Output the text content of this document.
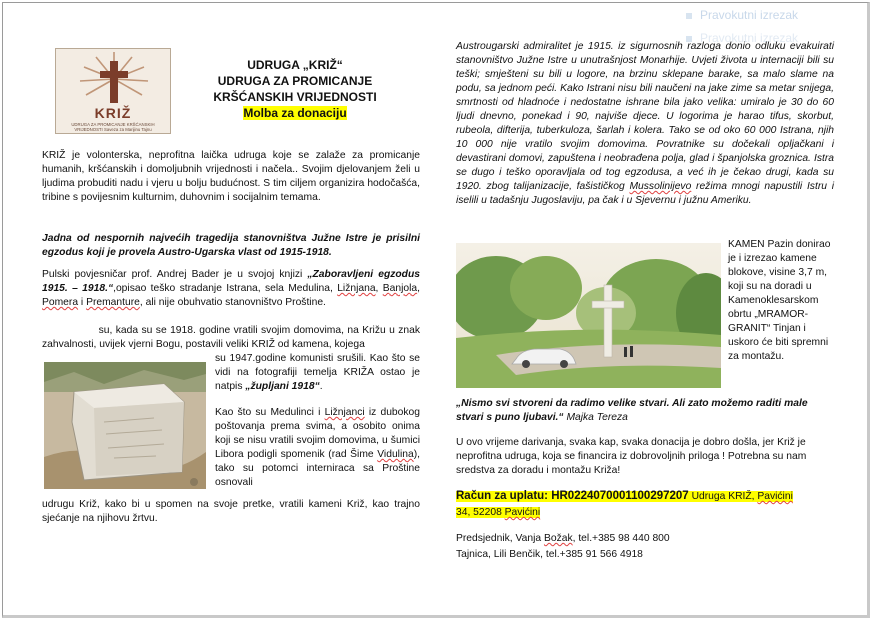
Pravokutni izrezak
Pravokutni izrezak
KRIŽ
UDRUGA ZA PROMICANJE KRŠĆANSKIH VRIJEDNOSTI Saveza za Marijinu Tajnu
UDRUGA „KRIŽ“
UDRUGA ZA PROMICANJE
KRŠĆANSKIH VRIJEDNOSTI
Molba za donaciju

KRIŽ je volonterska, neprofitna laička udruga koje se zalaže za promicanje humanih, kršćanskih i domoljubnih vrijednosti i načela.. Svojim djelovanjem želi u ljudima probuditi nadu i vjeru u bolju budućnost. S tim ciljem organizira hodočašća, tribine s povijesnim kulturnim, duhovnim i socijalnim temama.

Jadna od nespornih najvećih tragedija stanovništva Južne Istre je prisilni egzodus koji je provela Austro-Ugarska vlast od 1915-1918.

Pulski povjesničar prof. Andrej Bader je u svojoj knjizi „Zaboravljeni egzodus 1915. – 1918.“,opisao teško stradanje Istrana, sela Medulina, Ližnjana, Banjola, Pomera i Premanture, ali nije obuhvatio stanovništvo Proštine.

su, kada su se 1918. godine vratili svojim domovima, na Križu u znak zahvalnosti, uvijek vjerni Bogu, postavili veliki KRIŽ od kamena, kojega

su 1947.godine komunisti srušili. Kao što se vidi na fotografiji temelja KRIŽA ostao je natpis „župljani 1918“.

Kao što su Medulinci i Ližnjanci iz dubokog poštovanja prema svima, a osobito onima koji se nisu vratili svojim domovima, u šumici Libora podigli spomenik (rad Šime Vidulina), tako su potomci interniraca sa Proštine osnovali

udrugu Križ, kako bi u spomen na svoje pretke, vratili kameni Križ, kao trajno sjećanje na njihovu žrtvu.

Austrougarski admiralitet je 1915. iz sigurnosnih razloga donio odluku evakuirati stanovništvo Južne Istre u unutrašnjost Monarhije. Uvjeti života u internaciji bili su teški; smješteni su bili u logore, na brzinu sklepane barake, sa malo slame na podu, sa jednom peći. Kako Istrani nisu bili naučeni na jake zime sa metar snijega, smrtnosti od hladnoće i nedostatne ishrane bila jako velika: umiralo je 30 do 60 ljudi dnevno, ponekad i 90, najviše djece. U logorima je harao tifus, skorbut, rubeola, difterija, tuberkuloza, šarlah i kolera. Tako se od oko 60 000 Istrana, njih 10 000 nije vratilo svojim domovima. Povratnike su dočekali opljačkani i devastirani domovi, zapuštena i neobrađena polja, glad i španjolska groznica. Istra se dugo i teško oporavljala od tog egzodusa, a već ih je čekao drugi, kada su 1920. zbog talijanizacije, fašističkog Mussolinijevo režima mnogi napustili Istru i iselili u tadašnju Jugoslaviju, pa čak i u Sjevernu i južnu Ameriku.

KAMEN Pazin donirao je i izrezao kamene blokove, visine 3,7 m, koji su na doradi u Kamenoklesarskom obrtu „MRAMOR-GRANIT“ Tinjan i uskoro će biti spremni za montažu.

„Nismo svi stvoreni da radimo velike stvari. Ali zato možemo raditi male stvari s puno ljubavi.“ Majka Tereza

U ovo vrijeme darivanja, svaka kap, svaka donacija je dobro došla, jer Križ je neprofitna udruga, koja se financira iz dobrovoljnih priloga ! Potrebna su nam sredstva za doradu i montažu Križa!

Račun za uplatu: HR0224070001100297207 Udruga KRIŽ, Pavićini
34, 52208 Pavićini
Predsjednik, Vanja Božak, tel.+385 98 440 800
Tajnica, Lili Benčik, tel.+385 91 566 4918
